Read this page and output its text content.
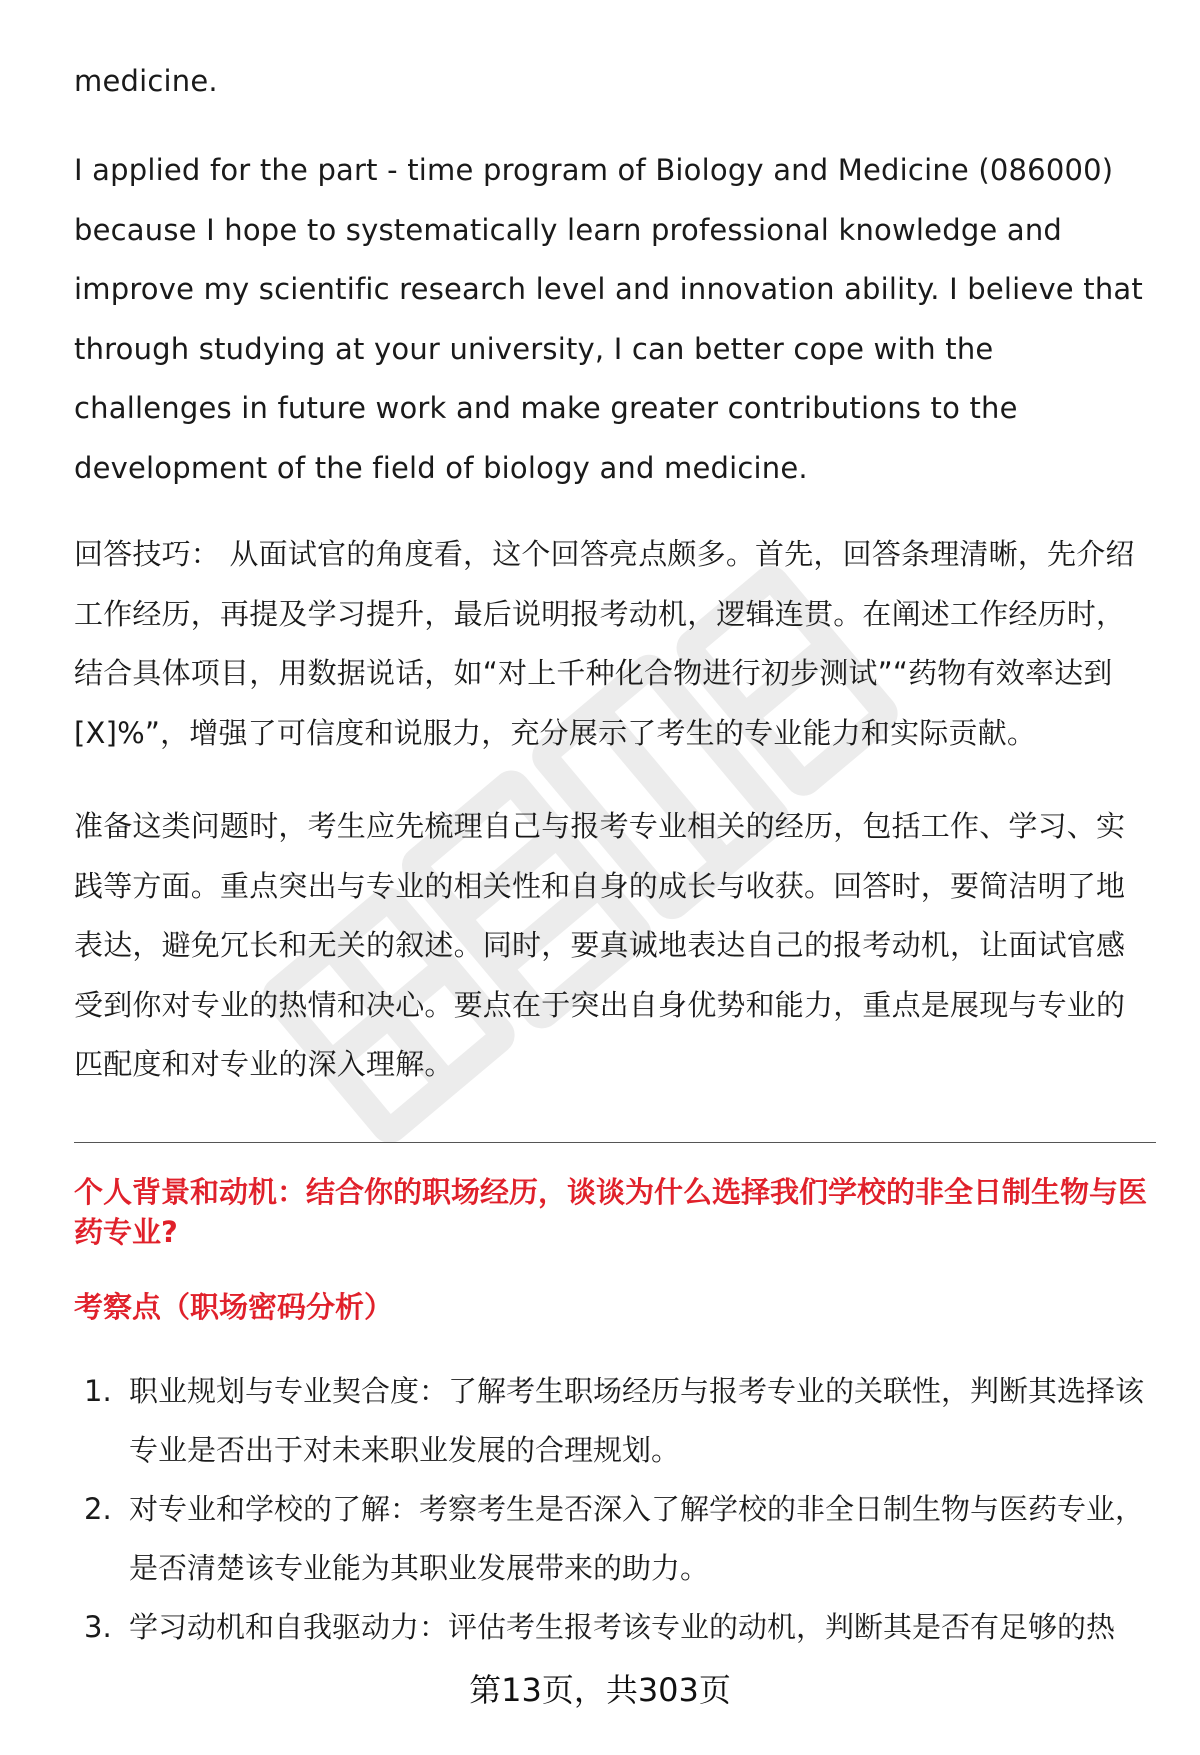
medicine.

I applied for the part - time program of Biology and Medicine (086000) because I hope to systematically learn professional knowledge and improve my scientific research level and innovation ability. I believe that through studying at your university, I can better cope with the challenges in future work and make greater contributions to the development of the field of biology and medicine.

回答技巧： 从面试官的角度看，这个回答亮点颇多。首先，回答条理清晰，先介绍工作经历，再提及学习提升，最后说明报考动机，逻辑连贯。在阐述工作经历时，结合具体项目，用数据说话，如“对上千种化合物进行初步测试”“药物有效率达到[X]%”，增强了可信度和说服力，充分展示了考生的专业能力和实际贡献。

准备这类问题时，考生应先梳理自己与报考专业相关的经历，包括工作、学习、实践等方面。重点突出与专业的相关性和自身的成长与收获。回答时，要简洁明了地表达，避免冗长和无关的叙述。同时，要真诚地表达自己的报考动机，让面试官感受到你对专业的热情和决心。要点在于突出自身优势和能力，重点是展现与专业的匹配度和对专业的深入理解。

个人背景和动机：结合你的职场经历，谈谈为什么选择我们学校的非全日制生物与医药专业?
考察点（职场密码分析）
1. 职业规划与专业契合度：了解考生职场经历与报考专业的关联性，判断其选择该专业是否出于对未来职业发展的合理规划。
2. 对专业和学校的了解：考察考生是否深入了解学校的非全日制生物与医药专业，是否清楚该专业能为其职业发展带来的助力。
3. 学习动机和自我驱动力：评估考生报考该专业的动机，判断其是否有足够的热
第13页，共303页
